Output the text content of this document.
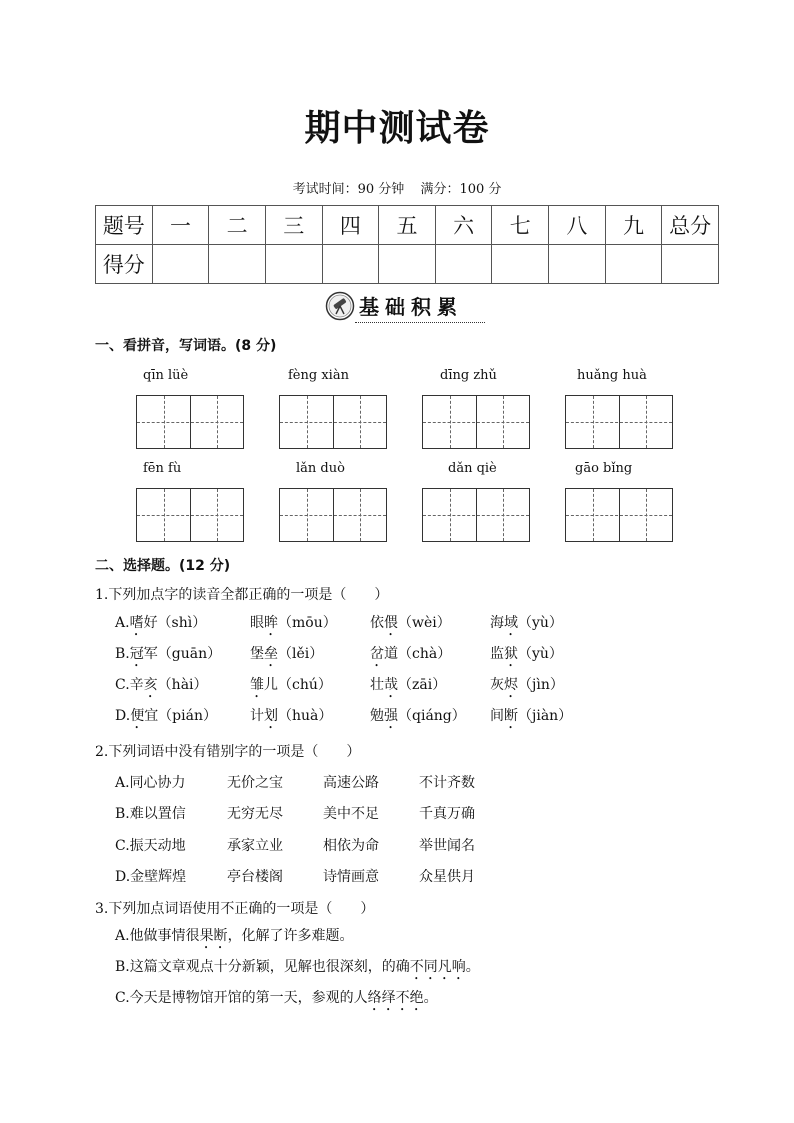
期中测试卷
考试时间：90 分钟 满分：100 分
题号	一	二	三	四	五	六	七	八	九	总分
得分										
基础积累
一、看拼音，写词语。(8 分)
qīn lüè	fèng xiàn	dīng zhǔ	huǎng huà
fēn fù	lǎn duò	dǎn qiè	gāo bǐng
二、选择题。(12 分)
1.下列加点字的读音全都正确的一项是（　　）
A.嗜好（shì）	眼眸（mōu） 依偎（wèi）	海域（yù）
B.冠军（guān） 堡垒（lěi）	岔道（chà）	监狱（yù）
C.辛亥（hài）	雏儿（chú）	壮哉（zāi）	灰烬（jìn）
D.便宜（pián） 计划（huà）	勉强（qiáng） 间断（jiàn）
2.下列词语中没有错别字的一项是（　　）
A.同心协力	无价之宝	高速公路	不计齐数
B.难以置信	无穷无尽	美中不足	千真万确
C.振天动地	承家立业	相依为命	举世闻名
D.金壁辉煌	亭台楼阁	诗情画意	众星供月
3.下列加点词语使用不正确的一项是（　　）
A.他做事情很果断，化解了许多难题。
B.这篇文章观点十分新颖，见解也很深刻，的确不同凡响。
C.今天是博物馆开馆的第一天，参观的人络绎不绝。
